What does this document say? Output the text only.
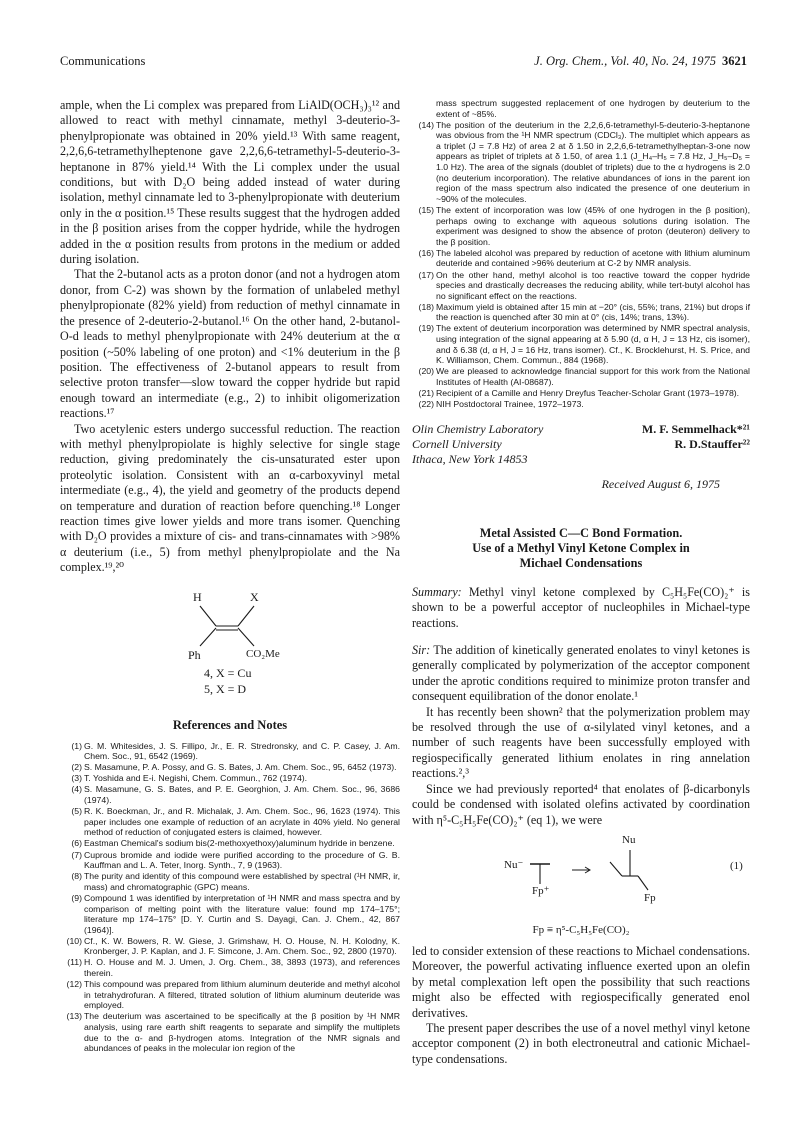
Communications	J. Org. Chem., Vol. 40, No. 24, 1975 3621

ample, when the Li complex was prepared from LiAlD(OCH₃)₃¹² and allowed to react with methyl cinnamate, methyl 3-deuterio-3-phenylpropionate was obtained in 20% yield.¹³ With same reagent, 2,2,6,6-tetramethylheptenone gave 2,2,6,6-tetramethyl-5-deuterio-3-heptanone in 87% yield.¹⁴ With the Li complex under the usual conditions, but with D₂O being added instead of water during isolation, methyl cinnamate led to 3-phenylpropionate with deuterium only in the α position.¹⁵ These results suggest that the hydrogen added in the β position arises from the copper hydride, while the hydrogen added in the α position results from protons in the medium or added during isolation.

That the 2-butanol acts as a proton donor (and not a hydrogen atom donor, from C-2) was shown by the formation of unlabeled methyl phenylpropionate (82% yield) from reduction of methyl cinnamate in the presence of 2-deuterio-2-butanol.¹⁶ On the other hand, 2-butanol-O-d leads to methyl phenylpropionate with 24% deuterium at the α position (~50% labeling of one proton) and <1% deuterium in the β position. The effectiveness of 2-butanol appears to result from selective proton transfer—slow toward the copper hydride but rapid enough toward an intermediate (e.g., 2) to inhibit oligomerization reactions.¹⁷

Two acetylenic esters undergo successful reduction. The reaction with methyl phenylpropiolate is highly selective for single stage reduction, giving predominately the cis-unsaturated ester upon proteolytic isolation. Consistent with an α-carboxyvinyl metal intermediate (e.g., 4), the yield and geometry of the products depend on temperature and duration of reaction before quenching.¹⁸ Longer reaction times give lower yields and more trans isomer. Quenching with D₂O provides a mixture of cis- and trans-cinnamates with >98% α deuterium (i.e., 5) from methyl phenylpropiolate and the Na complex.¹⁹,²⁰

H	X
Ph	CO₂Me
4, X = Cu
5, X = D
References and Notes
(1) G. M. Whitesides, J. S. Fillipo, Jr., E. R. Stredronsky, and C. P. Casey, J. Am. Chem. Soc., 91, 6542 (1969).
(2) S. Masamune, P. A. Possy, and G. S. Bates, J. Am. Chem. Soc., 95, 6452 (1973).
(3) T. Yoshida and E-i. Negishi, Chem. Commun., 762 (1974).
(4) S. Masamune, G. S. Bates, and P. E. Georghion, J. Am. Chem. Soc., 96, 3686 (1974).
(5) R. K. Boeckman, Jr., and R. Michalak, J. Am. Chem. Soc., 96, 1623 (1974). This paper includes one example of reduction of an acrylate in 40% yield. No general method of reduction of conjugated esters is claimed, however.
(6) Eastman Chemical's sodium bis(2-methoxyethoxy)aluminum hydride in benzene.
(7) Cuprous bromide and iodide were purified according to the procedure of G. B. Kauffman and L. A. Teter, Inorg. Synth., 7, 9 (1963).
(8) The purity and identity of this compound were established by spectral (¹H NMR, ir, mass) and chromatographic (GPC) means.
(9) Compound 1 was identified by interpretation of ¹H NMR and mass spectra and by comparison of melting point with the literature value: found mp 174–175°; literature mp 174–175° [D. Y. Curtin and S. Dayagi, Can. J. Chem., 42, 867 (1964)].
(10) Cf., K. W. Bowers, R. W. Giese, J. Grimshaw, H. O. House, N. H. Kolodny, K. Kronberger, J. P. Kaplan, and J. F. Simcone, J. Am. Chem. Soc., 92, 2800 (1970).
(11) H. O. House and M. J. Umen, J. Org. Chem., 38, 3893 (1973), and references therein.
(12) This compound was prepared from lithium aluminum deuteride and methyl alcohol in tetrahydrofuran. A filtered, titrated solution of lithium aluminum deuteride was employed.
(13) The deuterium was ascertained to be specifically at the β position by ¹H NMR analysis, using rare earth shift reagents to separate and simplify the multiplets due to the α- and β-hydrogen atoms. Integration of the NMR signals and abundances of peaks in the molecular ion region of the
mass spectrum suggested replacement of one hydrogen by deuterium to the extent of ~85%.
(14) The position of the deuterium in the 2,2,6,6-tetramethyl-5-deuterio-3-heptanone was obvious from the ¹H NMR spectrum (CDCl₃). The multiplet which appears as a triplet (J = 7.8 Hz) of area 2 at δ 1.50 in 2,2,6,6-tetramethylheptan-3-one now appears as triplet of triplets at δ 1.50, of area 1.1 (J_H₄–H₅ = 7.8 Hz, J_H₅–D₅ = 1.0 Hz). The area of the signals (doublet of triplets) due to the α hydrogens is 2.0 (no deuterium incorporation). The relative abundances of ions in the parent ion region of the mass spectrum also indicated the presence of one deuterium in ~90% of the molecules.
(15) The extent of incorporation was low (45% of one hydrogen in the β position), perhaps owing to exchange with aqueous solutions during isolation. The experiment was designed to show the absence of proton (deuteron) delivery to the β position.
(16) The labeled alcohol was prepared by reduction of acetone with lithium aluminum deuteride and contained >96% deuterium at C-2 by NMR analysis.
(17) On the other hand, methyl alcohol is too reactive toward the copper hydride species and drastically decreases the reducing ability, while tert-butyl alcohol has no significant effect on the reactions.
(18) Maximum yield is obtained after 15 min at −20° (cis, 55%; trans, 21%) but drops if the reaction is quenched after 30 min at 0° (cis, 14%; trans, 13%).
(19) The extent of deuterium incorporation was determined by NMR spectral analysis, using integration of the signal appearing at δ 5.90 (d, α H, J = 13 Hz, cis isomer), and δ 6.38 (d, α H, J = 16 Hz, trans isomer). Cf., K. Brocklehurst, H. S. Price, and K. Williamson, Chem. Commun., 884 (1968).
(20) We are pleased to acknowledge financial support for this work from the National Institutes of Health (AI-08687).
(21) Recipient of a Camille and Henry Dreyfus Teacher-Scholar Grant (1973–1978).
(22) NIH Postdoctoral Trainee, 1972–1973.
Olin Chemistry Laboratory
Cornell University
Ithaca, New York 14853
M. F. Semmelhack*²¹
R. D.Stauffer²²
Received August 6, 1975
Metal Assisted C—C Bond Formation.
Use of a Methyl Vinyl Ketone Complex in
Michael Condensations

Summary: Methyl vinyl ketone complexed by C₅H₅Fe(CO)₂⁺ is shown to be a powerful acceptor of nucleophiles in Michael-type reactions.

Sir: The addition of kinetically generated enolates to vinyl ketones is generally complicated by polymerization of the acceptor component under the aprotic conditions required to minimize proton transfer and consequent equilibration of the donor enolate.¹

It has recently been shown² that the polymerization problem may be resolved through the use of α-silylated vinyl ketones, and a number of such reagents have been successfully employed with regiospecifically generated lithium enolates in ring annelation reactions.²,³

Since we had previously reported⁴ that enolates of β-dicarbonyls could be condensed with isolated olefins activated by coordination with η⁵-C₅H₅Fe(CO)₂⁺ (eq 1), we were

Nu⁻
Fp⁺
Nu
Fp
(1)
Fp ≡ η⁵-C₅H₅Fe(CO)₂

led to consider extension of these reactions to Michael condensations. Moreover, the powerful activating influence exerted upon an olefin by metal complexation left open the possibility that such reactions might also be effected with regiospecifically generated enol derivatives.

The present paper describes the use of a novel methyl vinyl ketone acceptor component (2) in both electroneutral and cationic Michael-type condensations.
